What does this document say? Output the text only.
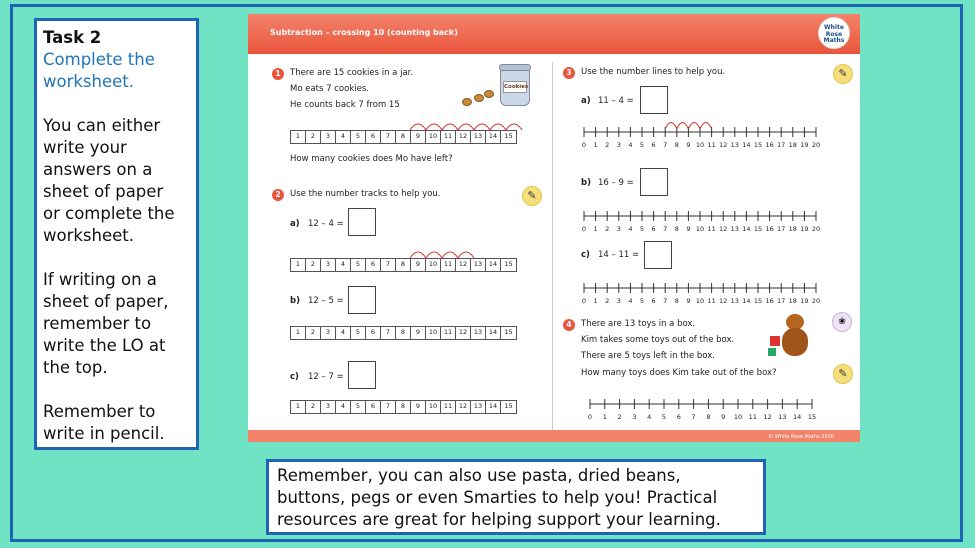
Task 2
Complete the
worksheet.
You can either
write your
answers on a
sheet of paper
or complete the
worksheet.
If writing on a
sheet of paper,
remember to
write the LO at
the top.
Remember to
write in pencil.
Remember, you can also use pasta, dried beans,
buttons, pegs or even Smarties to help you! Practical
resources are great for helping support your learning.
Subtraction – crossing 10 (counting back)
White
Rose
Maths
1	There are 15 cookies in a jar.
Mo eats 7 cookies.
He counts back 7 from 15
Cookies
1	2	3	4	5	6	7	8	9	10	11	12	13	14	15
How many cookies does Mo have left?
2	Use the number tracks to help you.	✎
a) 12 – 4 =
1	2	3	4	5	6	7	8	9	10	11	12	13	14	15
b) 12 – 5 =
1	2	3	4	5	6	7	8	9	10	11	12	13	14	15
c) 12 – 7 =
1	2	3	4	5	6	7	8	9	10	11	12	13	14	15
3	Use the number lines to help you.	✎
a) 11 – 4 =
0 1 2 3 4 5 6 7 8 9 10 11 12 13 14 15 16 17 18 19 20
b) 16 – 9 =
0 1 2 3 4 5 6 7 8 9 10 11 12 13 14 15 16 17 18 19 20
c) 14 – 11 =
0 1 2 3 4 5 6 7 8 9 10 11 12 13 14 15 16 17 18 19 20
4	There are 13 toys in a box.
Kim takes some toys out of the box.
There are 5 toys left in the box.
How many toys does Kim take out of the box?
❀
✎
0 1 2 3 4 5 6 7 8 9 10 11 12 13 14 15
© White Rose Maths 2020
